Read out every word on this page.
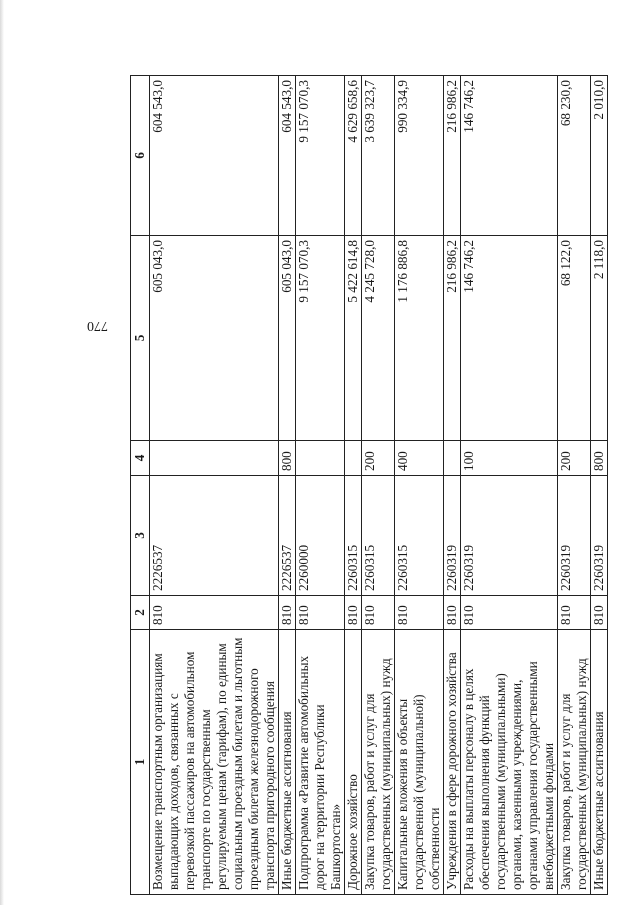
770
1	2	3	4	5	6
Возмещение транспортным организациям выпадающих доходов, связанных с перевозкой пассажиров на автомобильном транспорте по государственным регулируемым ценам (тарифам), по единым социальным проездным билетам и льготным проездным билетам железнодорожного транспорта пригородного сообщения	810	2226537		605 043,0	604 543,0
Иные бюджетные ассигнования	810	2226537	800	605 043,0	604 543,0
Подпрограмма «Развитие автомобильных дорог на территории Республики Башкортостан»	810	2260000		9 157 070,3	9 157 070,3
Дорожное хозяйство	810	2260315		5 422 614,8	4 629 658,6
Закупка товаров, работ и услуг для государственных (муниципальных) нужд	810	2260315	200	4 245 728,0	3 639 323,7
Капитальные вложения в объекты государственной (муниципальной) собственности	810	2260315	400	1 176 886,8	990 334,9
Учреждения в сфере дорожного хозяйства	810	2260319		216 986,2	216 986,2
Расходы на выплаты персоналу в целях обеспечения выполнения функций государственными (муниципальными) органами, казенными учреждениями, органами управления государственными внебюджетными фондами	810	2260319	100	146 746,2	146 746,2
Закупка товаров, работ и услуг для государственных (муниципальных) нужд	810	2260319	200	68 122,0	68 230,0
Иные бюджетные ассигнования	810	2260319	800	2 118,0	2 010,0
